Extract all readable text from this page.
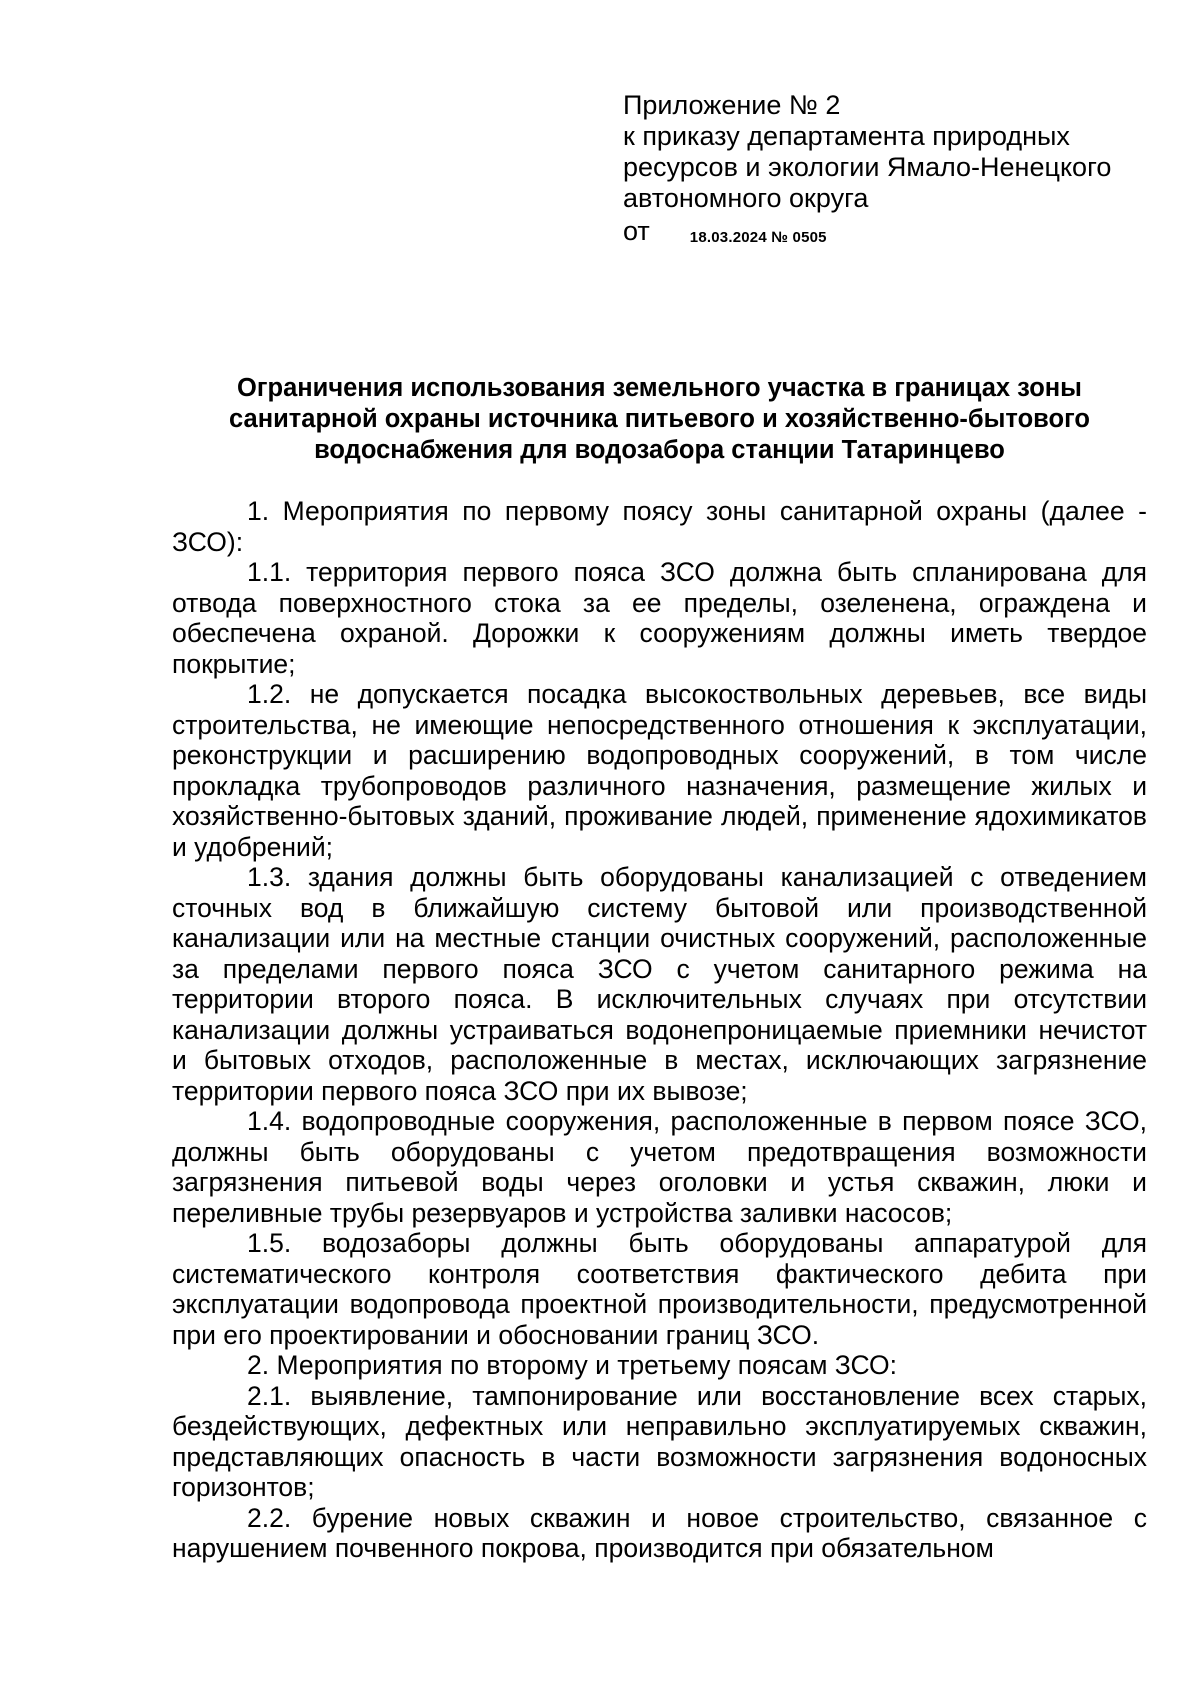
Приложение № 2
к приказу департамента природных
ресурсов и экологии Ямало-Ненецкого
автономного округа
от	18.03.2024 № 0505
Ограничения использования земельного участка в границах зоны
санитарной охраны источника питьевого и хозяйственно-бытового
водоснабжения для водозабора станции Татаринцево

1. Мероприятия по первому поясу зоны санитарной охраны (далее - ЗСО):

1.1. территория первого пояса ЗСО должна быть спланирована для отвода поверхностного стока за ее пределы, озеленена, ограждена и обеспечена охраной. Дорожки к сооружениям должны иметь твердое покрытие;

1.2. не допускается посадка высокоствольных деревьев, все виды строительства, не имеющие непосредственного отношения к эксплуатации, реконструкции и расширению водопроводных сооружений, в том числе прокладка трубопроводов различного назначения, размещение жилых и хозяйственно-бытовых зданий, проживание людей, применение ядохимикатов и удобрений;

1.3. здания должны быть оборудованы канализацией с отведением сточных вод в ближайшую систему бытовой или производственной канализации или на местные станции очистных сооружений, расположенные за пределами первого пояса ЗСО с учетом санитарного режима на территории второго пояса. В исключительных случаях при отсутствии канализации должны устраиваться водонепроницаемые приемники нечистот и бытовых отходов, расположенные в местах, исключающих загрязнение территории первого пояса ЗСО при их вывозе;

1.4. водопроводные сооружения, расположенные в первом поясе ЗСО, должны быть оборудованы с учетом предотвращения возможности загрязнения питьевой воды через оголовки и устья скважин, люки и переливные трубы резервуаров и устройства заливки насосов;

1.5. водозаборы должны быть оборудованы аппаратурой для систематического контроля соответствия фактического дебита при эксплуатации водопровода проектной производительности, предусмотренной при его проектировании и обосновании границ ЗСО.

2. Мероприятия по второму и третьему поясам ЗСО:

2.1. выявление, тампонирование или восстановление всех старых, бездействующих, дефектных или неправильно эксплуатируемых скважин, представляющих опасность в части возможности загрязнения водоносных горизонтов;

2.2. бурение новых скважин и новое строительство, связанное с нарушением почвенного покрова, производится при обязательном
